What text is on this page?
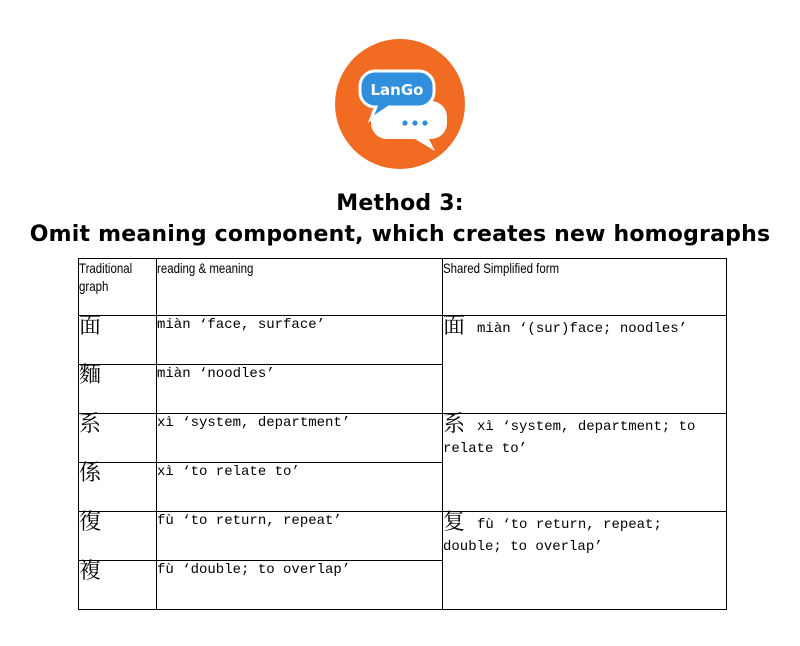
LanGo
Method 3:
Omit meaning component, which creates new homographs
Traditional
graph	reading & meaning	Shared Simplified form
面	miàn ‘face, surface’	面 miàn ‘(sur)face; noodles’
麵	miàn ‘noodles’	
系	xì ‘system, department’	系 xì ‘system, department; to relate to’
係	xì ‘to relate to’	
復	fù ‘to return, repeat’	复 fù ‘to return, repeat; double; to overlap’
複	fù ‘double; to overlap’	
